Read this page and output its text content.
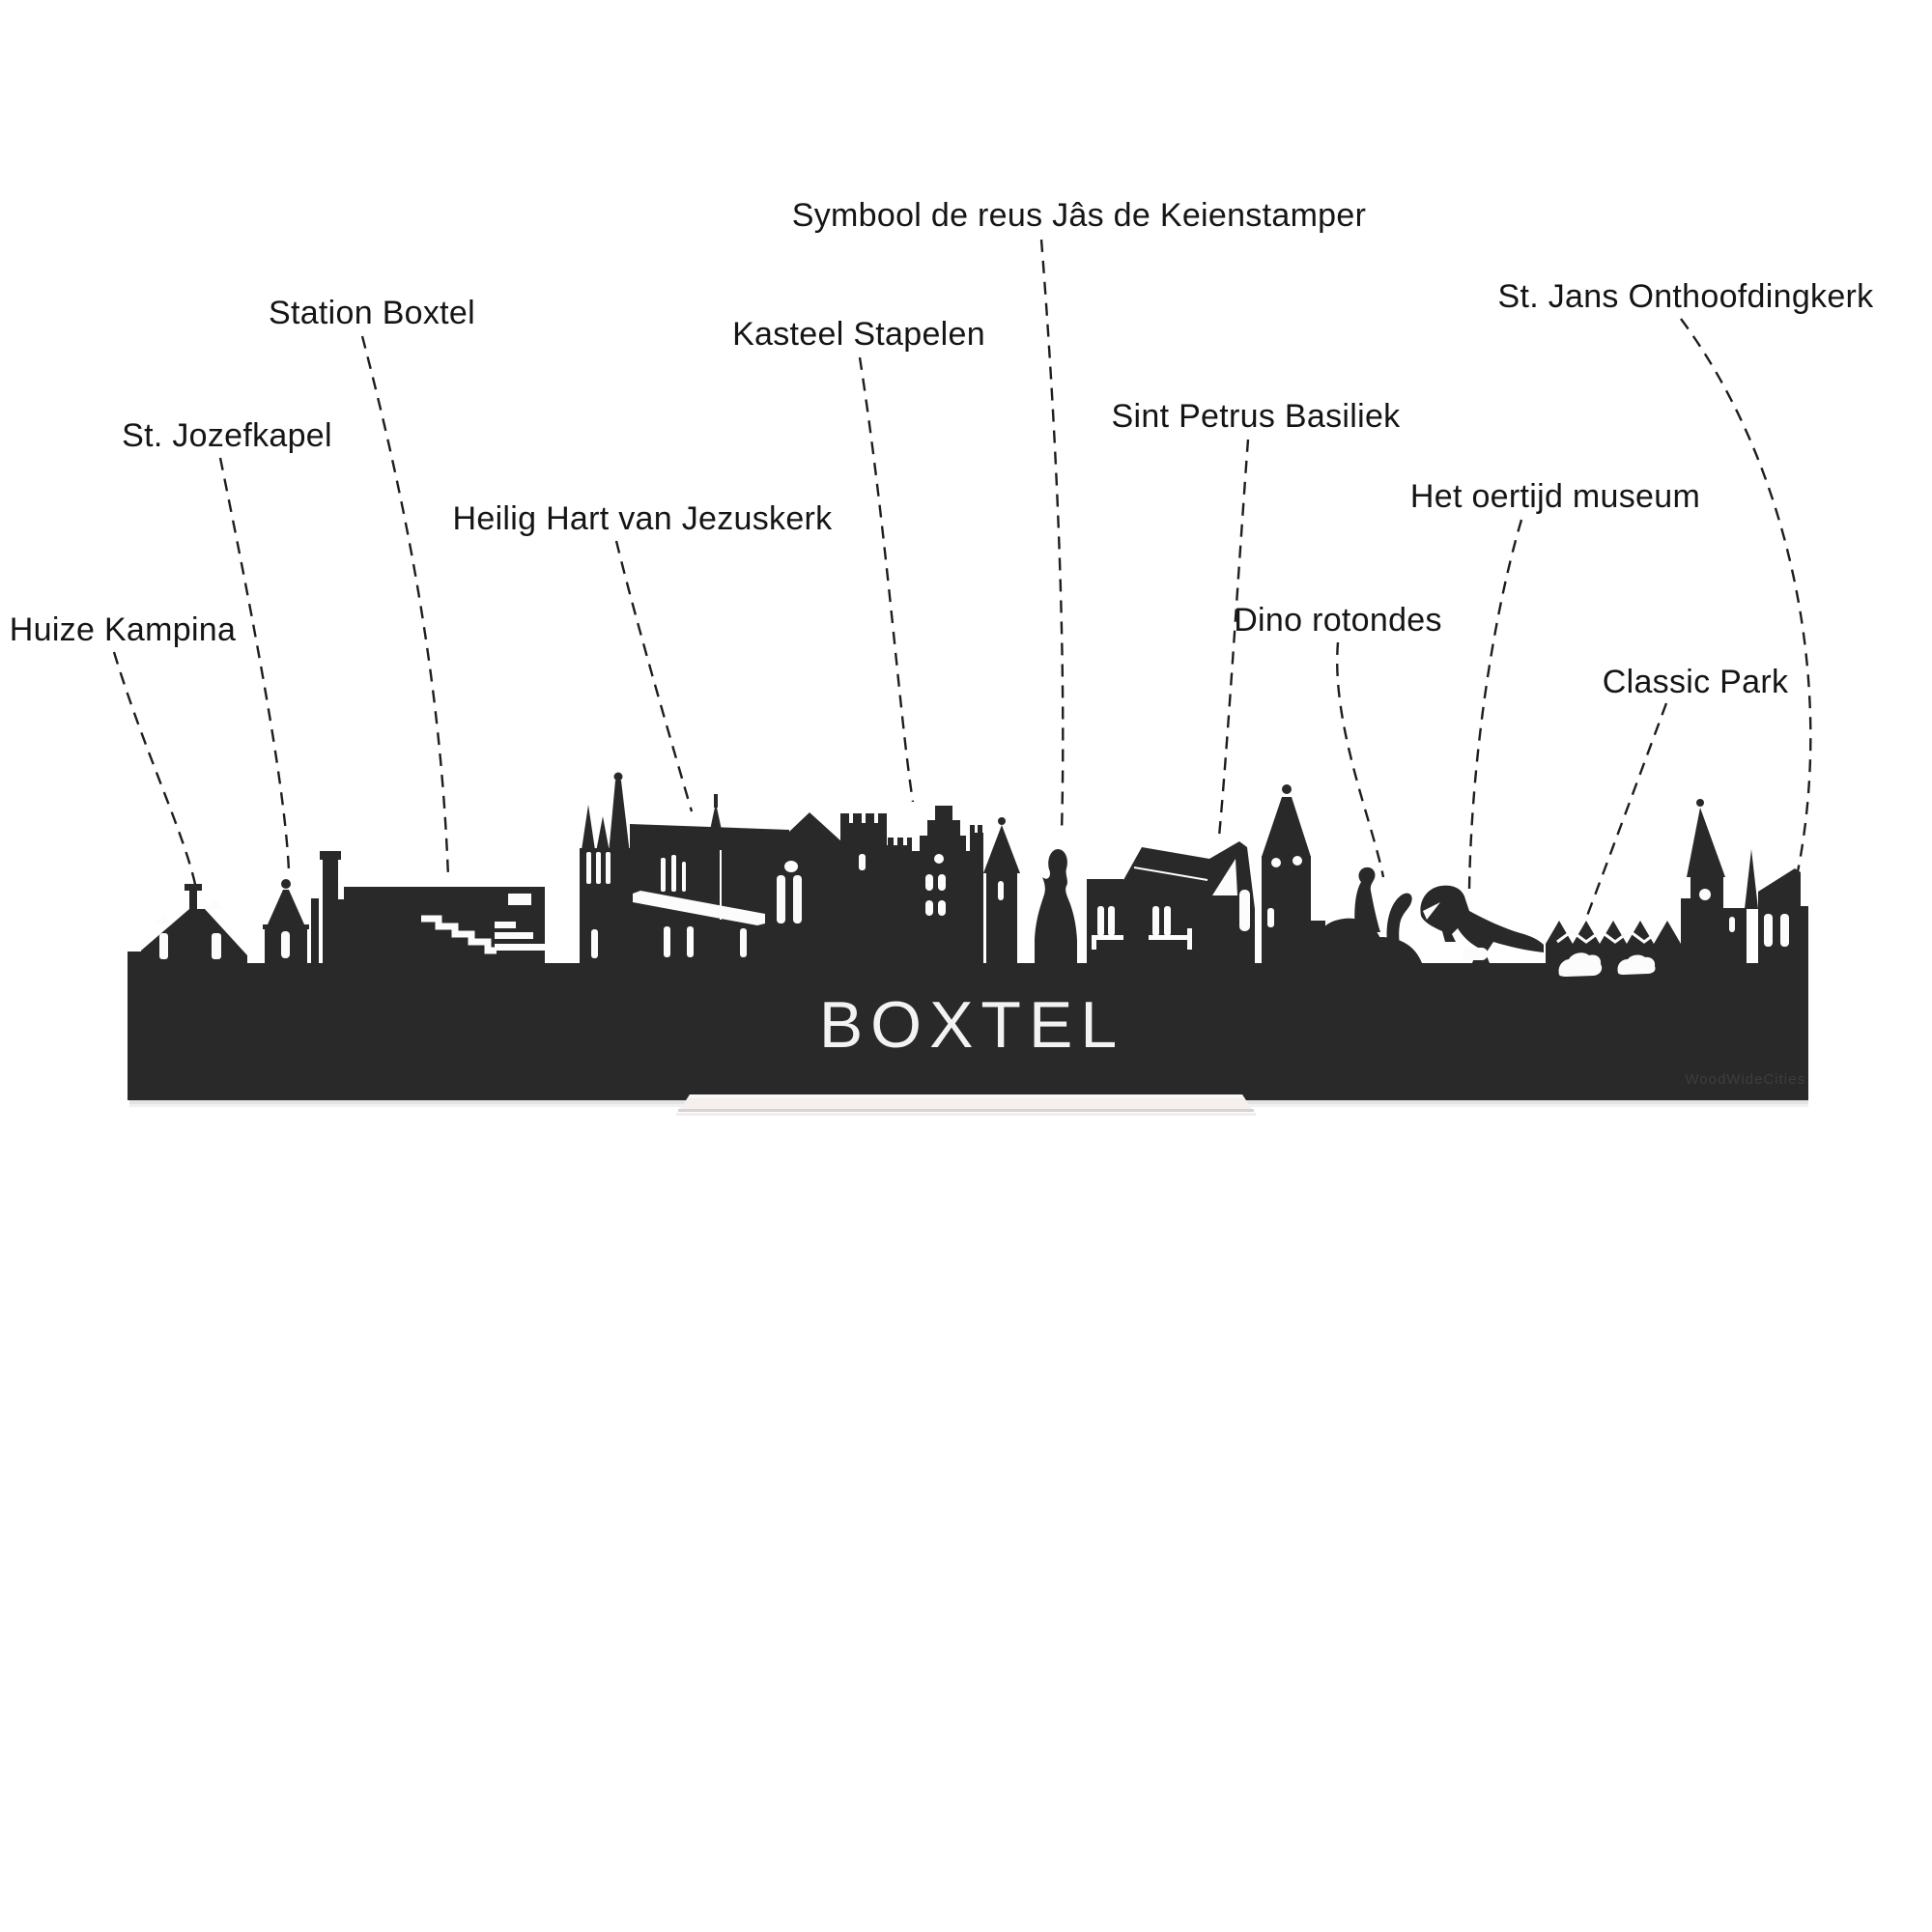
Symbool de reus Jâs de Keienstamper
Station Boxtel
Kasteel Stapelen
St. Jans Onthoofdingkerk
St. Jozefkapel
Sint Petrus Basiliek
Heilig Hart van Jezuskerk
Het oertijd museum
Huize Kampina	Dino rotondes
Classic Park
BOXTEL
WoodWideCities
